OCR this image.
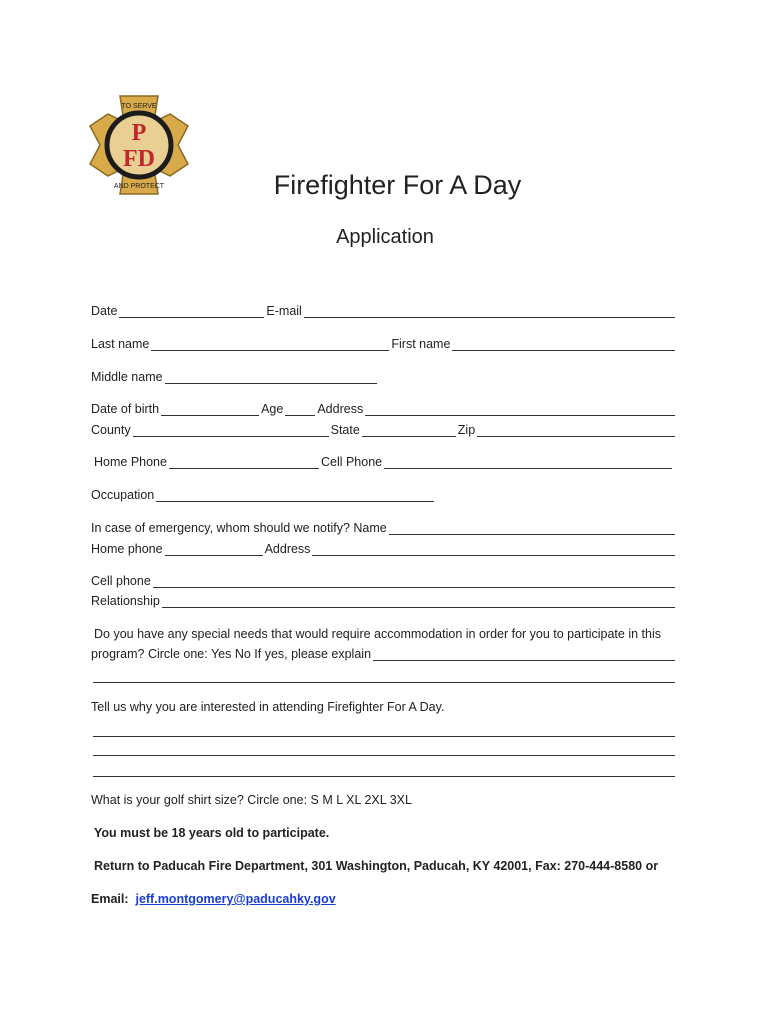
P
FD
TO SERVE
AND PROTECT	Firefighter For A Day
Application
Date	E-mail
Last name	First name
Middle name
Date of birth	Age	Address
County	State	Zip
Home Phone	Cell Phone
Occupation
In case of emergency, whom should we notify? Name
Home phone	Address
Cell phone
Relationship
Do you have any special needs that would require accommodation in order for you to participate in this
program? Circle one: Yes No If yes, please explain
Tell us why you are interested in attending Firefighter For A Day.
What is your golf shirt size? Circle one: S M L XL 2XL 3XL
You must be 18 years old to participate.
Return to Paducah Fire Department, 301 Washington, Paducah, KY 42001, Fax: 270-444-8580 or
Email:
jeff.montgomery@paducahky.gov
